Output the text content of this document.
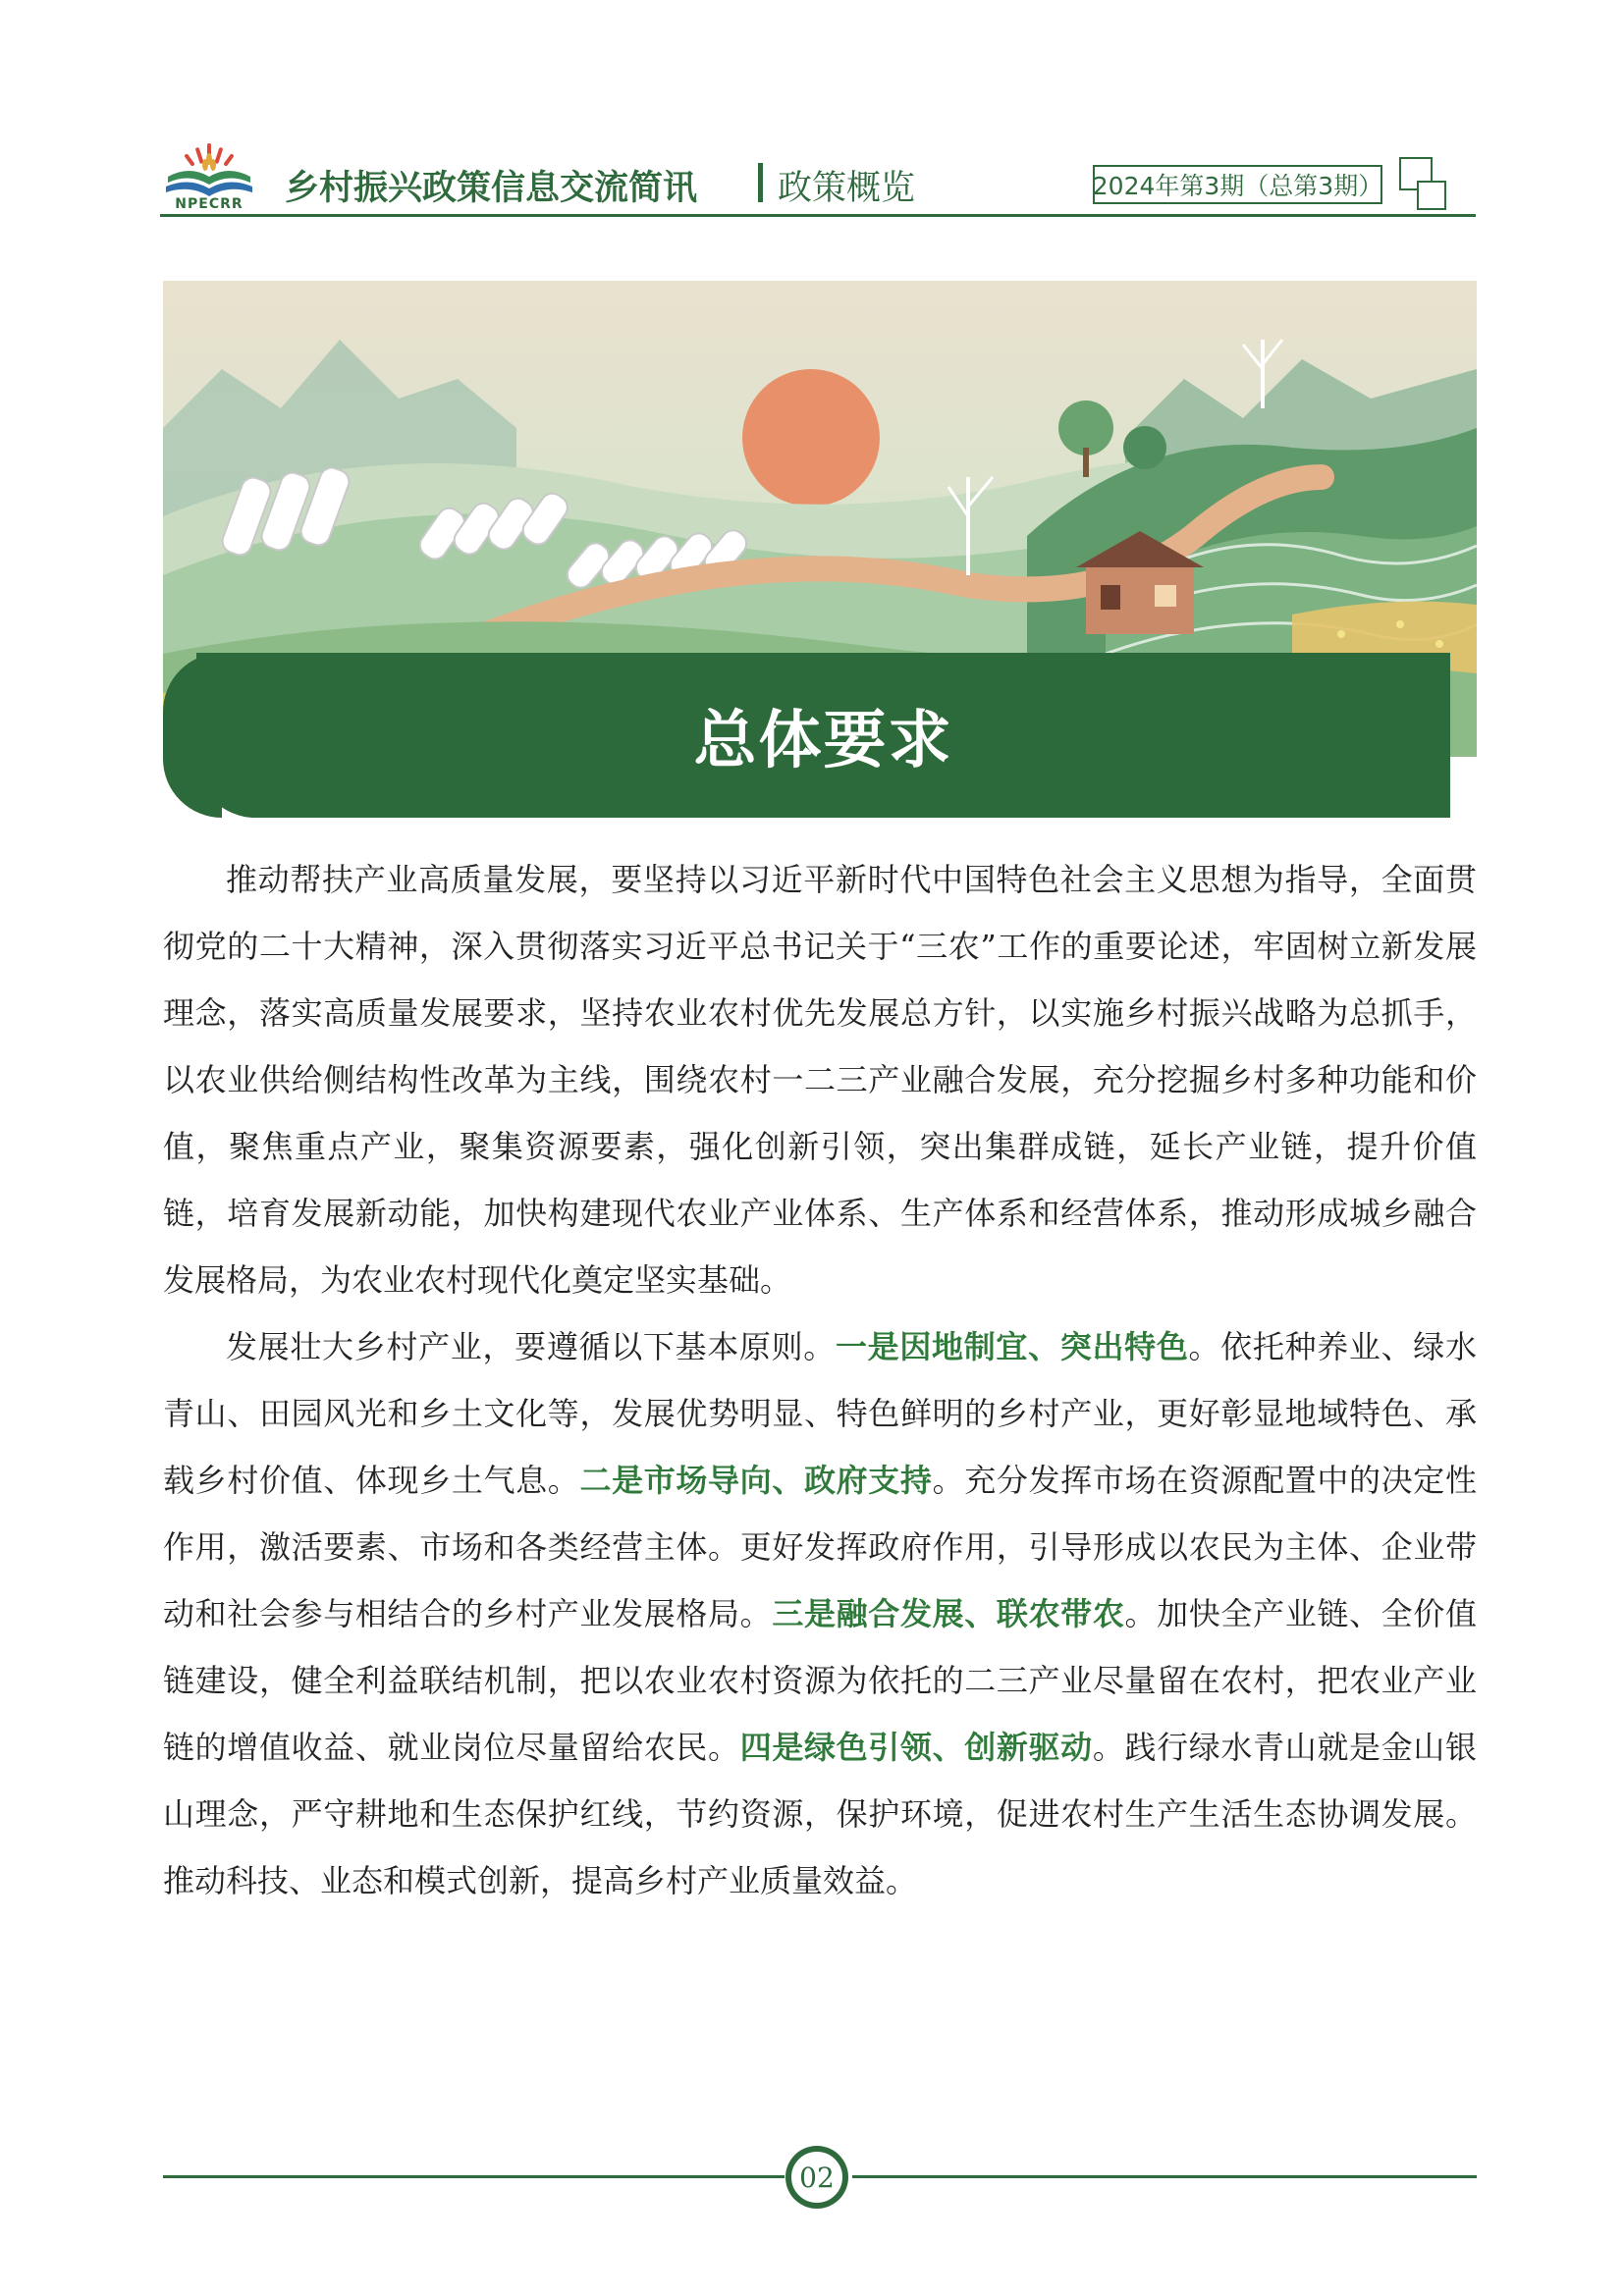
NPECRR	乡村振兴政策信息交流简讯 政策概览	2024年第3期（总第3期）
总体要求

推动帮扶产业高质量发展，要坚持以习近平新时代中国特色社会主义思想为指导，全面贯彻党的二十大精神，深入贯彻落实习近平总书记关于“三农”工作的重要论述，牢固树立新发展理念，落实高质量发展要求，坚持农业农村优先发展总方针，以实施乡村振兴战略为总抓手，以农业供给侧结构性改革为主线，围绕农村一二三产业融合发展，充分挖掘乡村多种功能和价值，聚焦重点产业，聚集资源要素，强化创新引领，突出集群成链，延长产业链，提升价值链，培育发展新动能，加快构建现代农业产业体系、生产体系和经营体系，推动形成城乡融合发展格局，为农业农村现代化奠定坚实基础。

发展壮大乡村产业，要遵循以下基本原则。一是因地制宜、突出特色。依托种养业、绿水青山、田园风光和乡土文化等，发展优势明显、特色鲜明的乡村产业，更好彰显地域特色、承载乡村价值、体现乡土气息。二是市场导向、政府支持。充分发挥市场在资源配置中的决定性作用，激活要素、市场和各类经营主体。更好发挥政府作用，引导形成以农民为主体、企业带动和社会参与相结合的乡村产业发展格局。三是融合发展、联农带农。加快全产业链、全价值链建设，健全利益联结机制，把以农业农村资源为依托的二三产业尽量留在农村，把农业产业链的增值收益、就业岗位尽量留给农民。四是绿色引领、创新驱动。践行绿水青山就是金山银山理念，严守耕地和生态保护红线，节约资源，保护环境，促进农村生产生活生态协调发展。推动科技、业态和模式创新，提高乡村产业质量效益。

02
